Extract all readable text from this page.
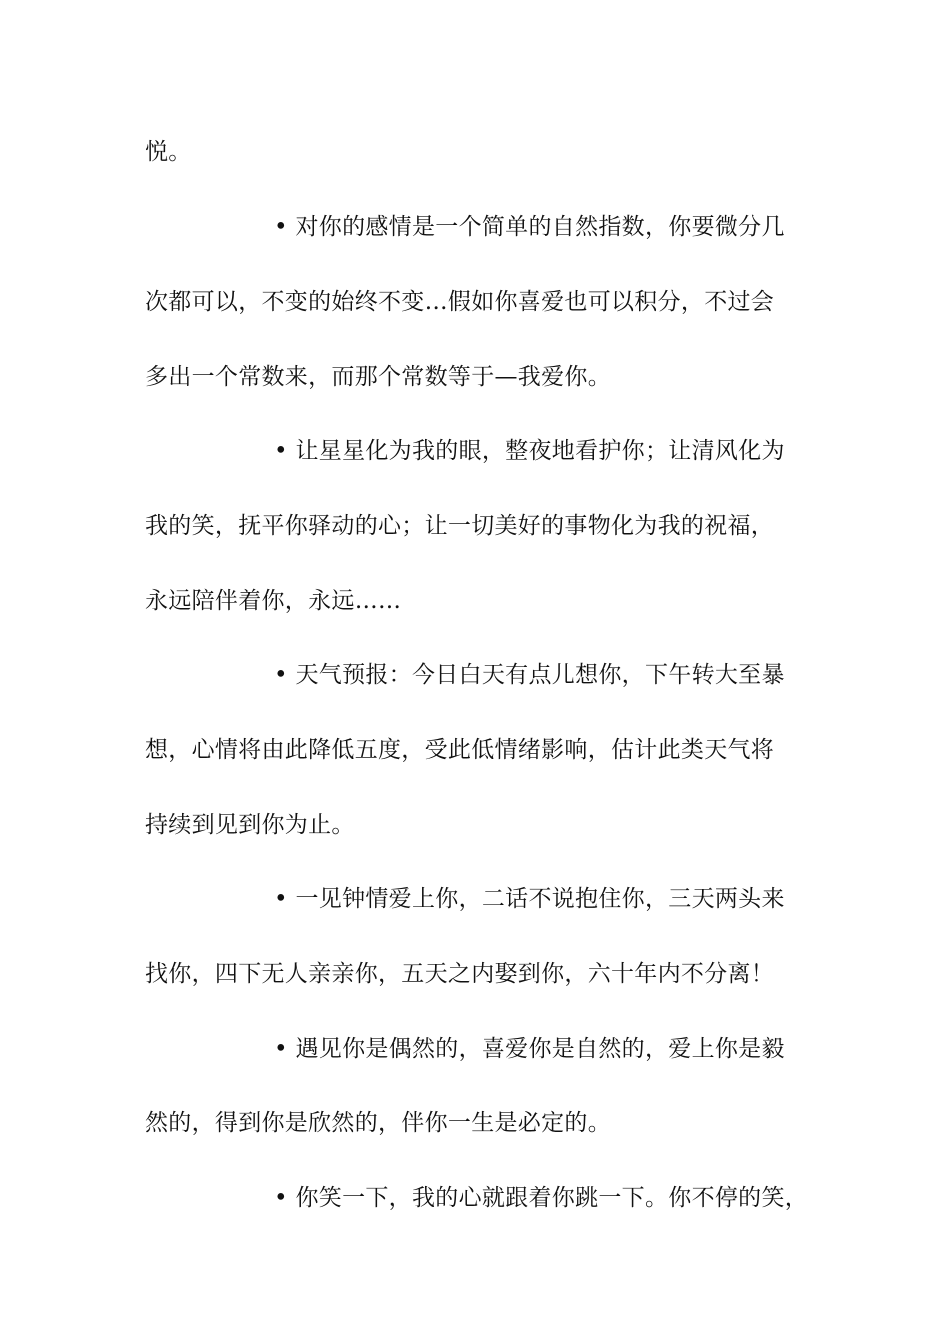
悦。
• 对你的感情是一个简单的自然指数，你要微分几
次都可以，不变的始终不变…假如你喜爱也可以积分，不过会
多出一个常数来，而那个常数等于—我爱你。
• 让星星化为我的眼，整夜地看护你；让清风化为
我的笑，抚平你驿动的心；让一切美好的事物化为我的祝福，
永远陪伴着你，永远……
• 天气预报：今日白天有点儿想你，下午转大至暴
想，心情将由此降低五度，受此低情绪影响，估计此类天气将
持续到见到你为止。
• 一见钟情爱上你，二话不说抱住你，三天两头来
找你，四下无人亲亲你，五天之内娶到你，六十年内不分离！
• 遇见你是偶然的，喜爱你是自然的，爱上你是毅
然的，得到你是欣然的，伴你一生是必定的。
• 你笑一下，我的心就跟着你跳一下。你不停的笑，
